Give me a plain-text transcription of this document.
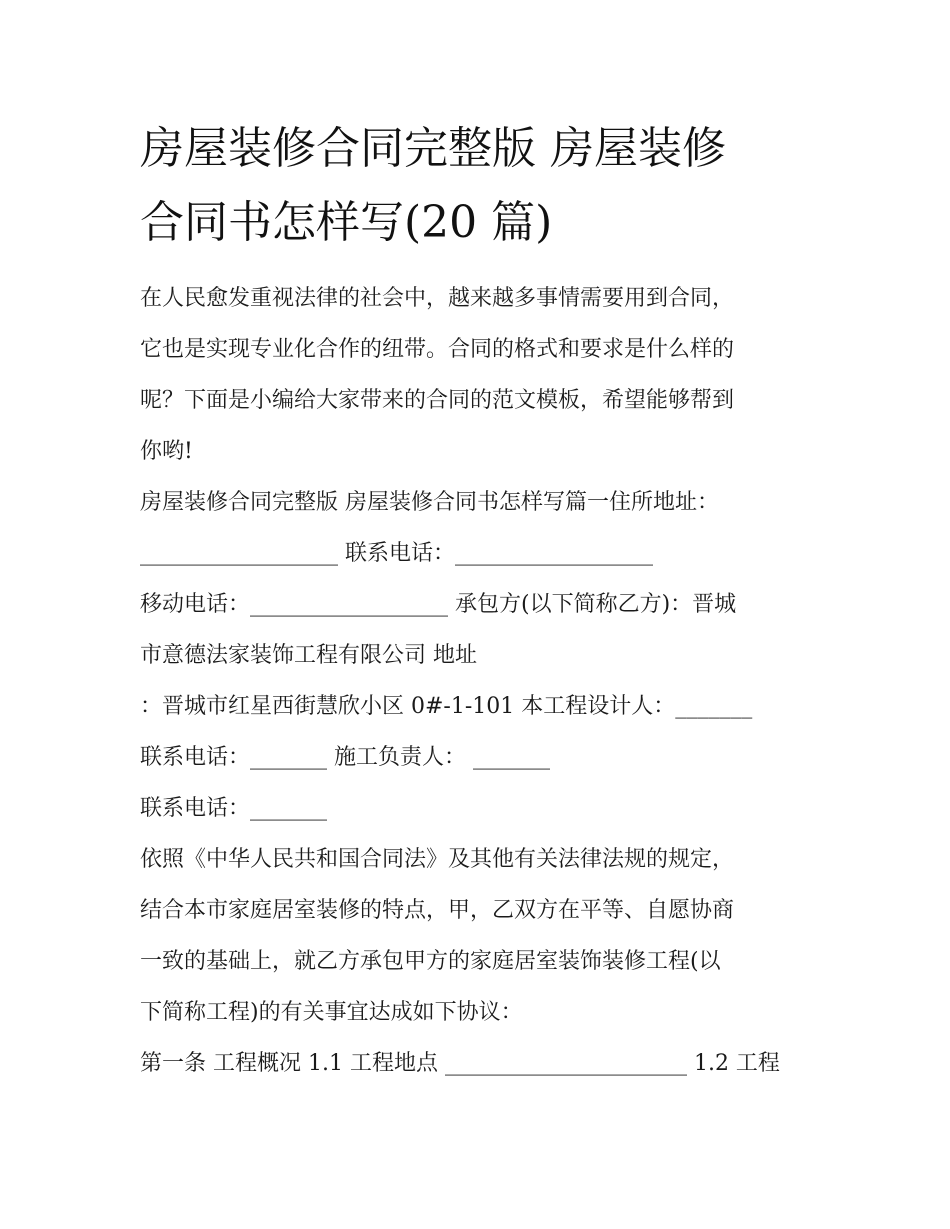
房屋装修合同完整版 房屋装修
合同书怎样写(20 篇)

在人民愈发重视法律的社会中，越来越多事情需要用到合同，

它也是实现专业化合作的纽带。合同的格式和要求是什么样的

呢？下面是小编给大家带来的合同的范文模板，希望能够帮到

你哟!

房屋装修合同完整版 房屋装修合同书怎样写篇一住所地址：

__________________ 联系电话：__________________

移动电话：__________________ 承包方(以下简称乙方)：晋城

市意德法家装饰工程有限公司 地址

：晋城市红星西街慧欣小区 0#-1-101 本工程设计人：_______

联系电话：_______ 施工负责人： _______

联系电话：_______

依照《中华人民共和国合同法》及其他有关法律法规的规定，

结合本市家庭居室装修的特点，甲，乙双方在平等、自愿协商

一致的基础上，就乙方承包甲方的家庭居室装饰装修工程(以

下简称工程)的有关事宜达成如下协议：

第一条 工程概况 1.1 工程地点 ______________________ 1.2 工程
